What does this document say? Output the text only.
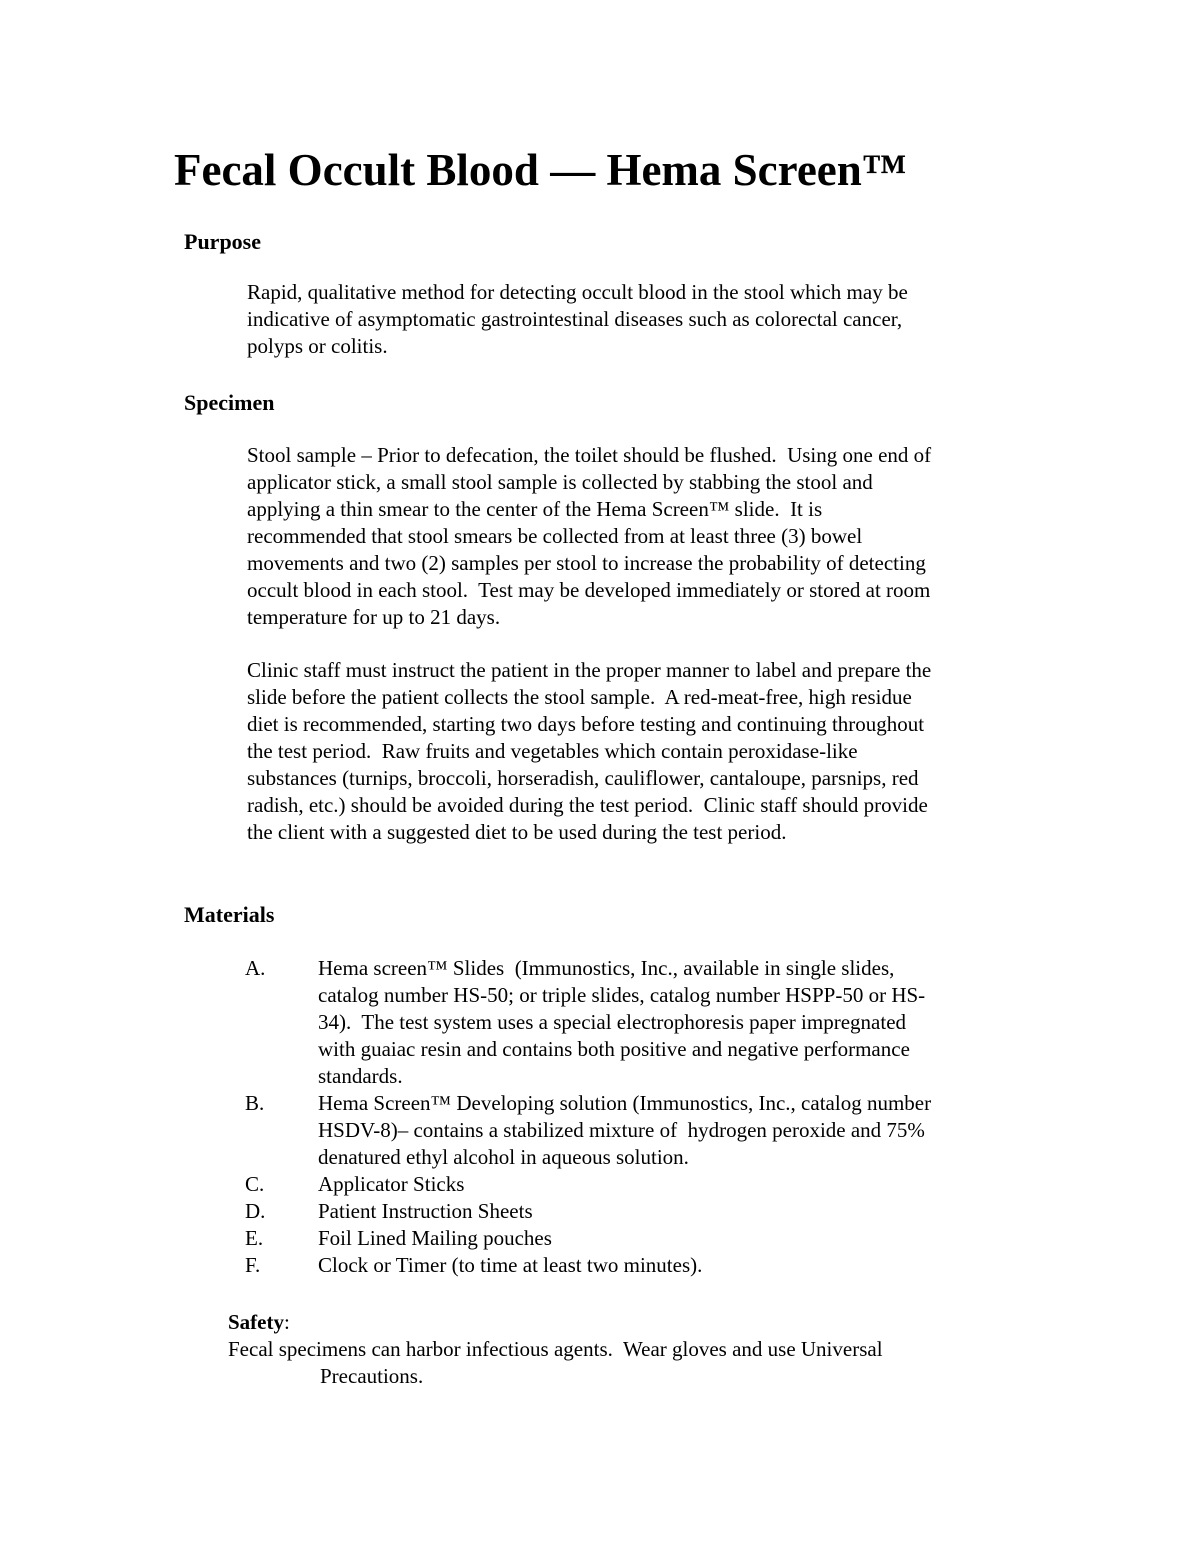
Fecal Occult Blood — Hema Screen™
Purpose
Rapid, qualitative method for detecting occult blood in the stool which may be
indicative of asymptomatic gastrointestinal diseases such as colorectal cancer,
polyps or colitis.
Specimen
Stool sample – Prior to defecation, the toilet should be flushed.  Using one end of
applicator stick, a small stool sample is collected by stabbing the stool and
applying a thin smear to the center of the Hema Screen™ slide.  It is
recommended that stool smears be collected from at least three (3) bowel
movements and two (2) samples per stool to increase the probability of detecting
occult blood in each stool.  Test may be developed immediately or stored at room
temperature for up to 21 days.
Clinic staff must instruct the patient in the proper manner to label and prepare the
slide before the patient collects the stool sample.  A red-meat-free, high residue
diet is recommended, starting two days before testing and continuing throughout
the test period.  Raw fruits and vegetables which contain peroxidase-like
substances (turnips, broccoli, horseradish, cauliflower, cantaloupe, parsnips, red
radish, etc.) should be avoided during the test period.  Clinic staff should provide
the client with a suggested diet to be used during the test period.
Materials
A.	Hema screen™ Slides  (Immunostics, Inc., available in single slides,
catalog number HS-50; or triple slides, catalog number HSPP-50 or HS-
34).  The test system uses a special electrophoresis paper impregnated
with guaiac resin and contains both positive and negative performance
standards.
B.	Hema Screen™ Developing solution (Immunostics, Inc., catalog number
HSDV-8)– contains a stabilized mixture of  hydrogen peroxide and 75%
denatured ethyl alcohol in aqueous solution.
C.	Applicator Sticks
D.	Patient Instruction Sheets
E.	Foil Lined Mailing pouches
F.	Clock or Timer (to time at least two minutes).
Safety:
Fecal specimens can harbor infectious agents.  Wear gloves and use Universal
Precautions.
